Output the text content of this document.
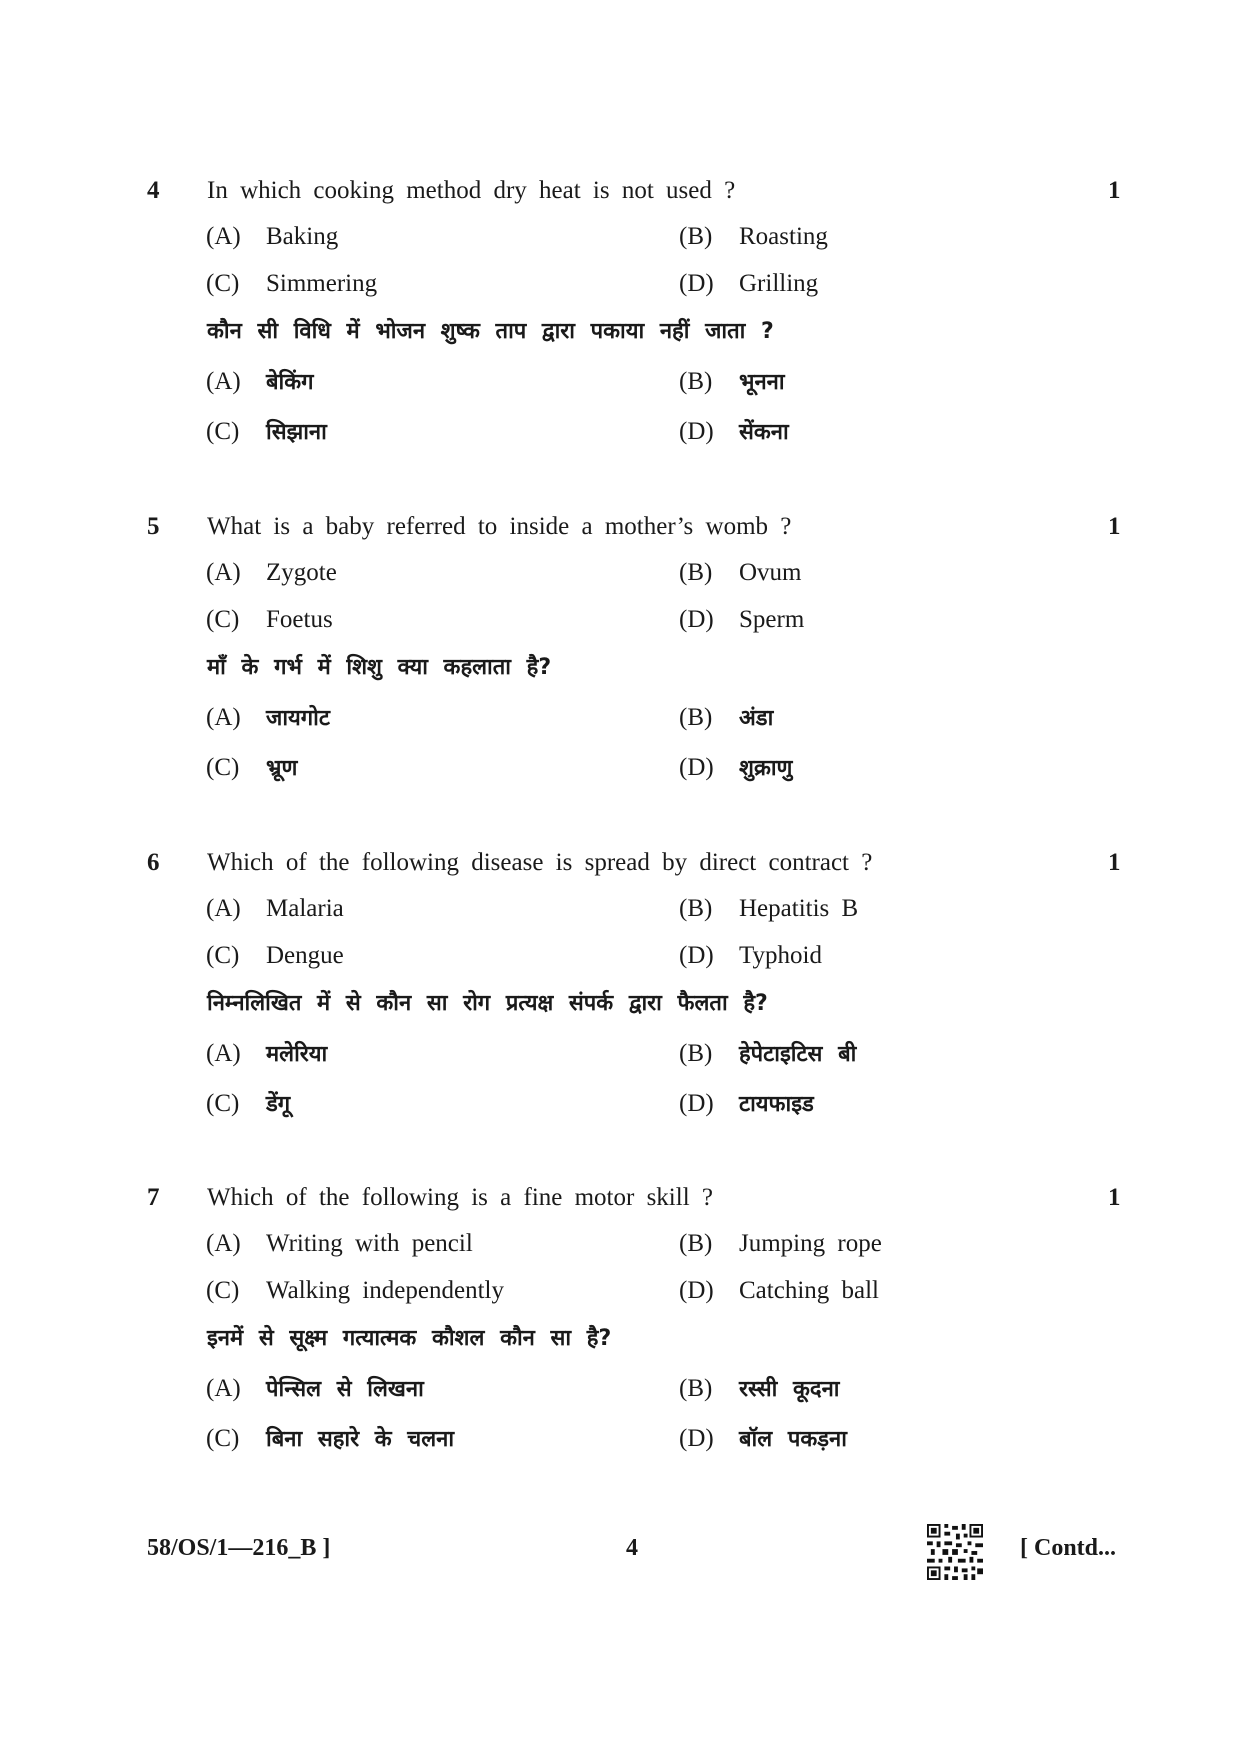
4 In which cooking method dry heat is not used ?	1
(A) Baking	(B) Roasting
(C) Simmering	(D) Grilling
कौन सी विधि में भोजन शुष्क ताप द्वारा पकाया नहीं जाता ?
(A) बेकिंग	(B) भूनना
(C) सिझाना	(D) सेंकना
5 What is a baby referred to inside a mother’s womb ?	1
(A) Zygote	(B) Ovum
(C) Foetus	(D) Sperm
माँ के गर्भ में शिशु क्या कहलाता है?
(A) जायगोट	(B) अंडा
(C) भ्रूण	(D) शुक्राणु
6 Which of the following disease is spread by direct contract ?	1
(A) Malaria	(B) Hepatitis B
(C) Dengue	(D) Typhoid
निम्नलिखित में से कौन सा रोग प्रत्यक्ष संपर्क द्वारा फैलता है?
(A) मलेरिया	(B) हेपेटाइटिस बी
(C) डेंगू	(D) टायफाइड
7 Which of the following is a fine motor skill ?	1
(A) Writing with pencil	(B) Jumping rope
(C) Walking independently	(D) Catching ball
इनमें से सूक्ष्म गत्यात्मक कौशल कौन सा है?
(A) पेन्सिल से लिखना	(B) रस्सी कूदना
(C) बिना सहारे के चलना	(D) बॉल पकड़ना
58/OS/1—216_B ]	4	[ Contd...
